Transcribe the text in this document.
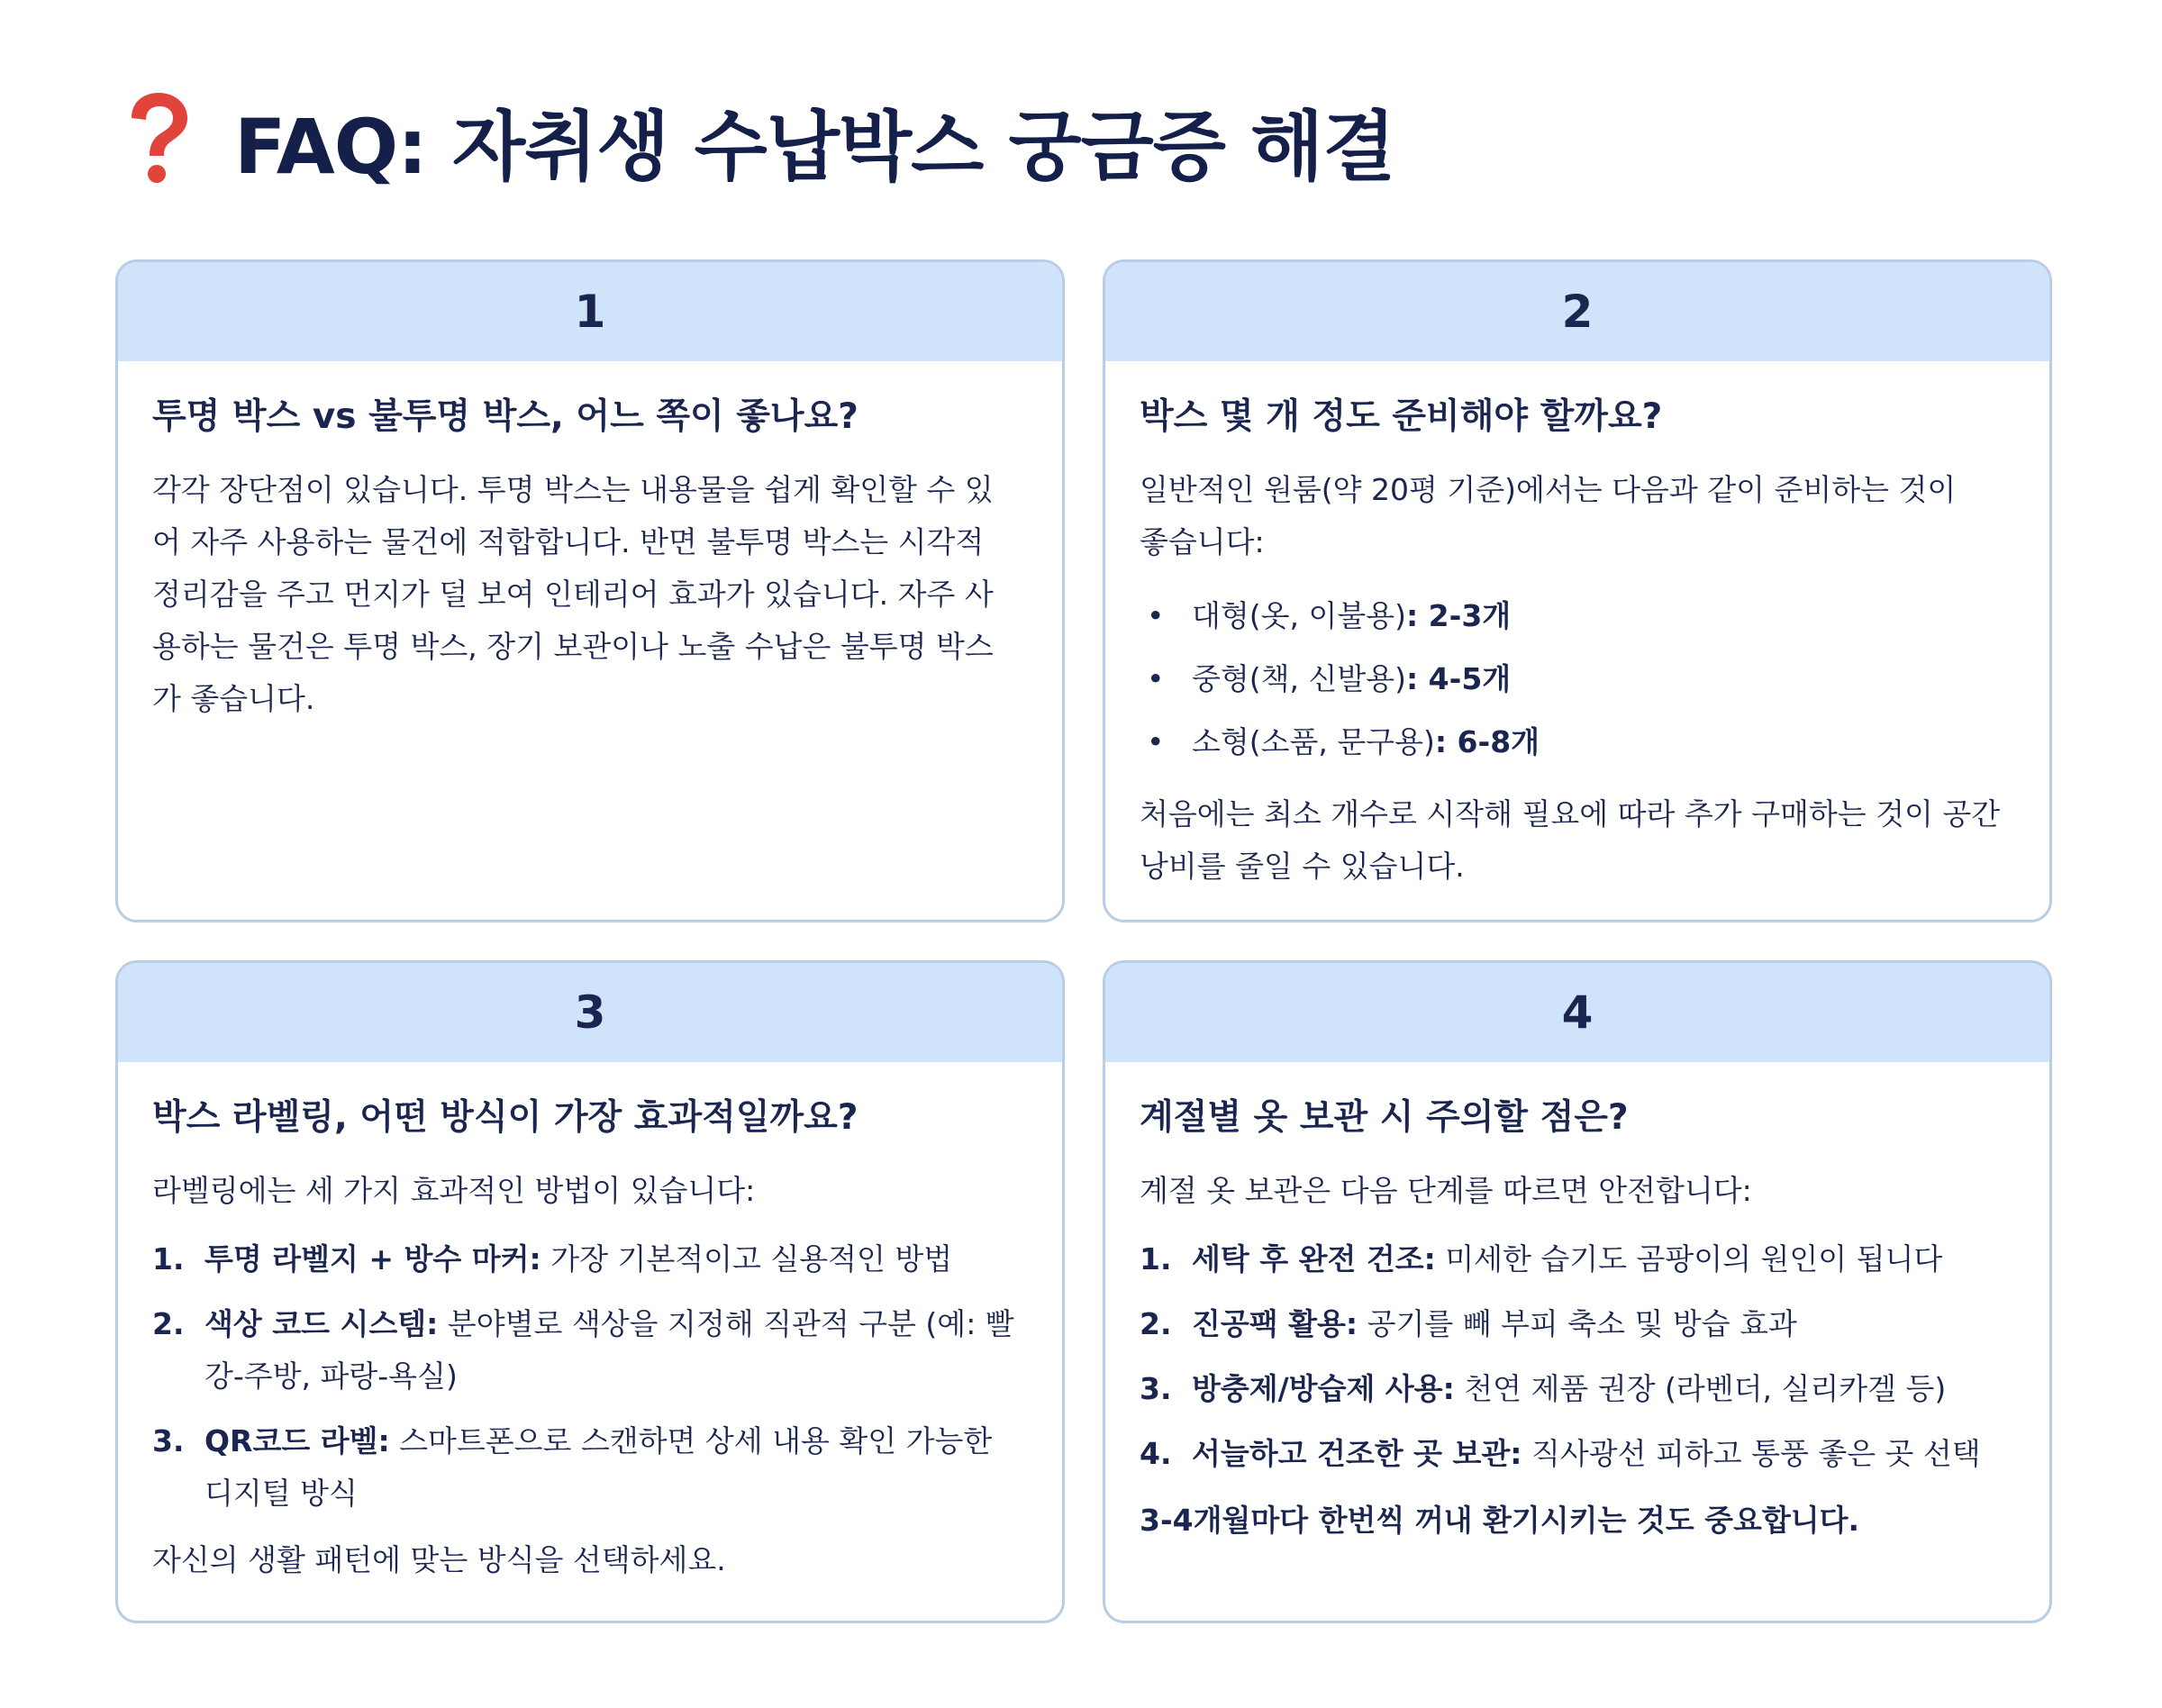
FAQ: 자취생 수납박스 궁금증 해결
1
투명 박스 vs 불투명 박스, 어느 쪽이 좋나요?
각각 장단점이 있습니다. 투명 박스는 내용물을 쉽게 확인할 수 있
어 자주 사용하는 물건에 적합합니다. 반면 불투명 박스는 시각적
정리감을 주고 먼지가 덜 보여 인테리어 효과가 있습니다. 자주 사
용하는 물건은 투명 박스, 장기 보관이나 노출 수납은 불투명 박스
가 좋습니다.
2
박스 몇 개 정도 준비해야 할까요?
일반적인 원룸(약 20평 기준)에서는 다음과 같이 준비하는 것이
좋습니다:
• 대형(옷, 이불용): 2-3개
• 중형(책, 신발용): 4-5개
• 소형(소품, 문구용): 6-8개
처음에는 최소 개수로 시작해 필요에 따라 추가 구매하는 것이 공간
낭비를 줄일 수 있습니다.
3
박스 라벨링, 어떤 방식이 가장 효과적일까요?
라벨링에는 세 가지 효과적인 방법이 있습니다:
1. 투명 라벨지 + 방수 마커: 가장 기본적이고 실용적인 방법
2. 색상 코드 시스템: 분야별로 색상을 지정해 직관적 구분 (예: 빨강-주방, 파랑-욕실)
3. QR코드 라벨: 스마트폰으로 스캔하면 상세 내용 확인 가능한 디지털 방식
자신의 생활 패턴에 맞는 방식을 선택하세요.
4
계절별 옷 보관 시 주의할 점은?
계절 옷 보관은 다음 단계를 따르면 안전합니다:
1. 세탁 후 완전 건조: 미세한 습기도 곰팡이의 원인이 됩니다
2. 진공팩 활용: 공기를 빼 부피 축소 및 방습 효과
3. 방충제/방습제 사용: 천연 제품 권장 (라벤더, 실리카겔 등)
4. 서늘하고 건조한 곳 보관: 직사광선 피하고 통풍 좋은 곳 선택
3-4개월마다 한번씩 꺼내 환기시키는 것도 중요합니다.
